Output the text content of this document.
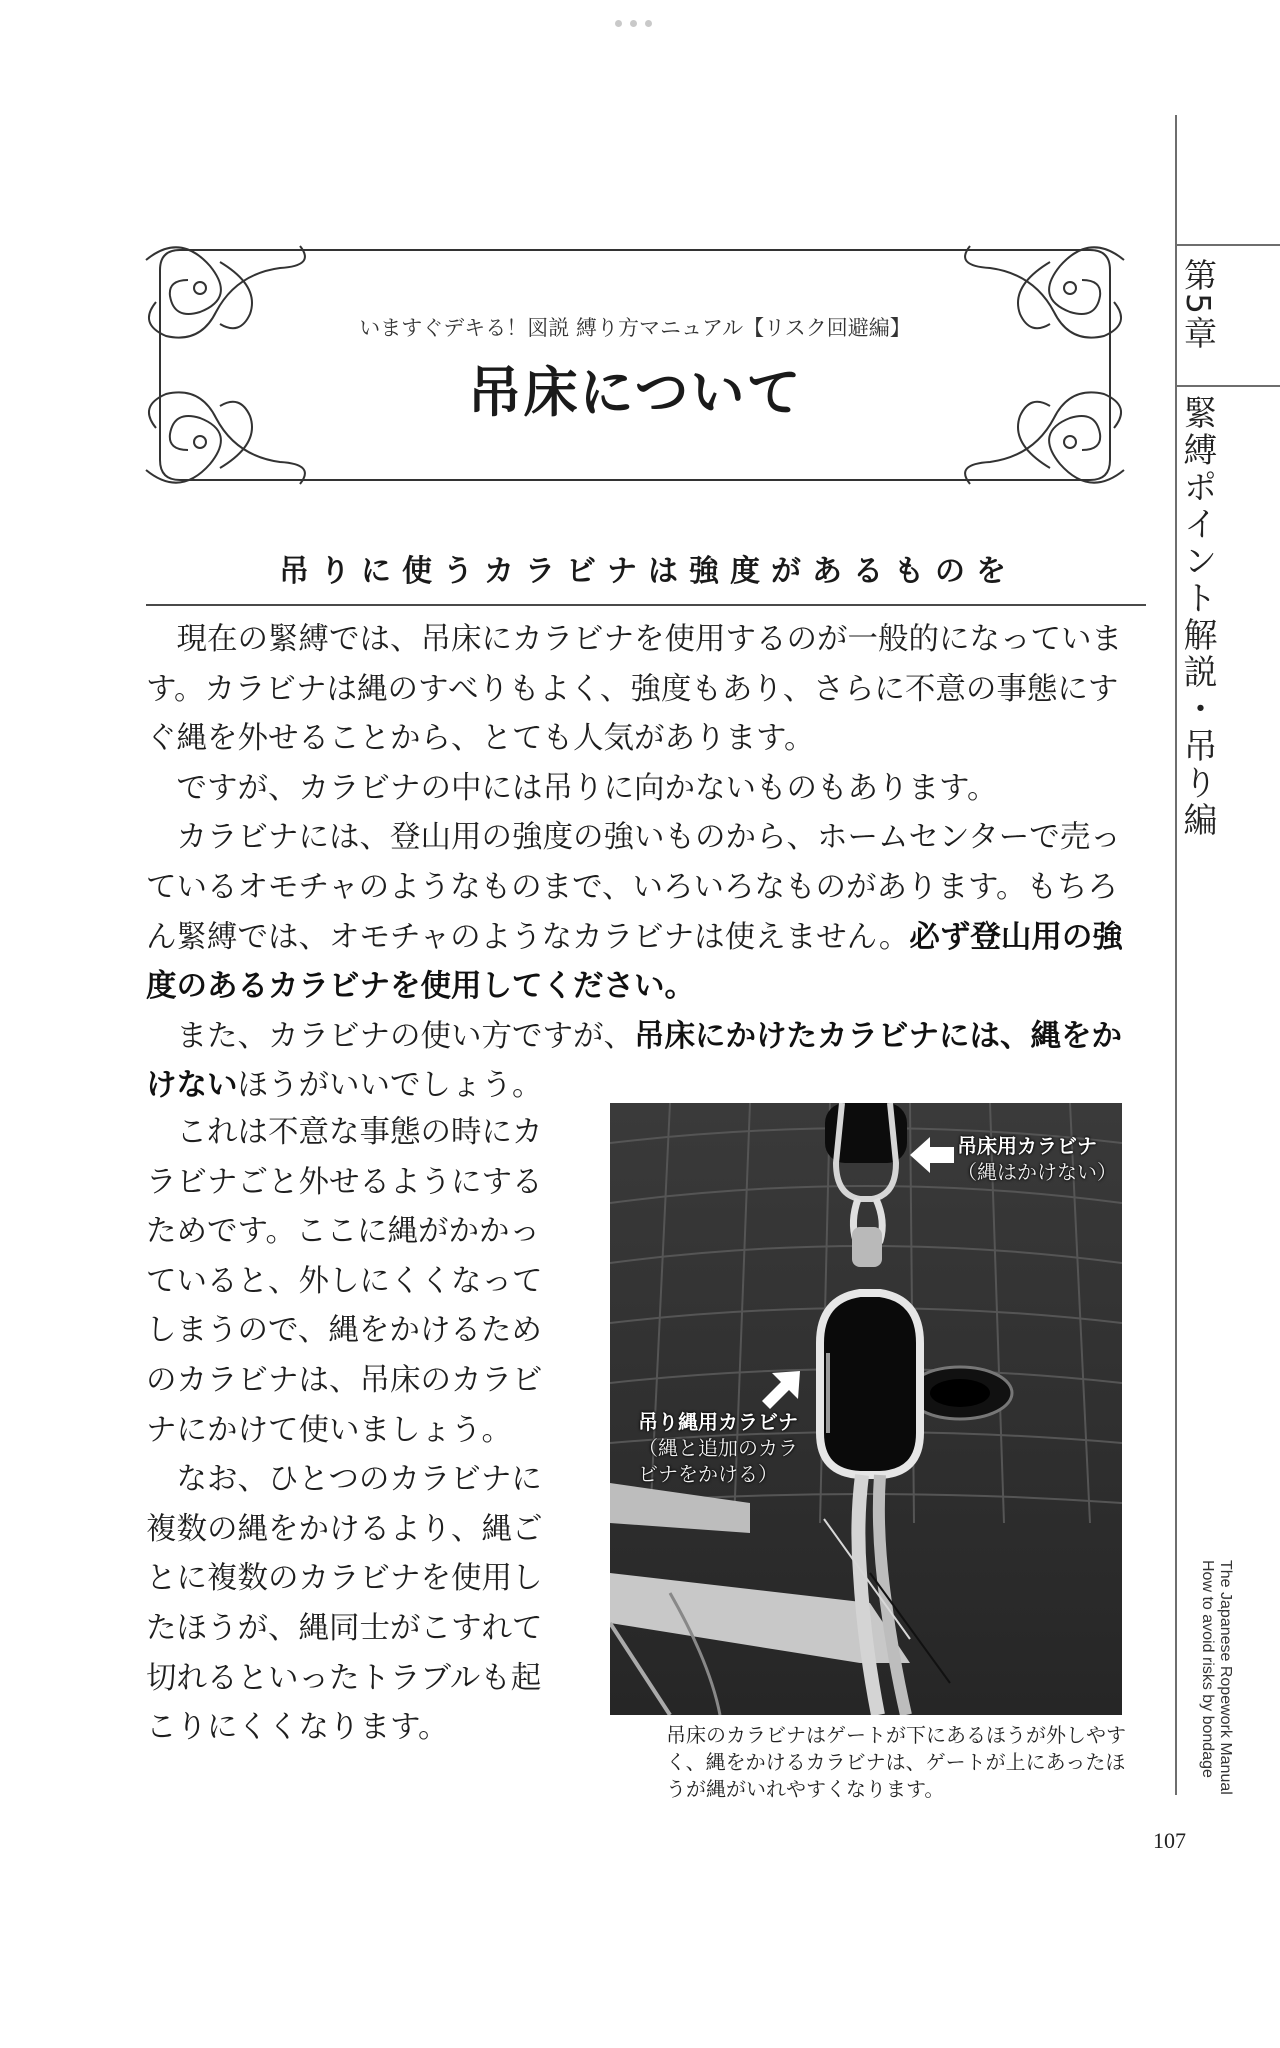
第5章
緊縛ポイント解説・吊り編
The Japanese Ropework Manual
How to avoid risks by bondage
107
いますぐデキる！図説 縛り方マニュアル【リスク回避編】
吊床について
吊りに使うカラビナは強度があるものを

現在の緊縛では、吊床にカラビナを使用するのが一般的になっています。カラビナは縄のすべりもよく、強度もあり、さらに不意の事態にすぐ縄を外せることから、とても人気があります。

ですが、カラビナの中には吊りに向かないものもあります。

カラビナには、登山用の強度の強いものから、ホームセンターで売っているオモチャのようなものまで、いろいろなものがあります。もちろん緊縛では、オモチャのようなカラビナは使えません。必ず登山用の強度のあるカラビナを使用してください。

また、カラビナの使い方ですが、吊床にかけたカラビナには、縄をかけないほうがいいでしょう。

これは不意な事態の時にカラビナごと外せるようにするためです。ここに縄がかかっていると、外しにくくなってしまうので、縄をかけるためのカラビナは、吊床のカラビナにかけて使いましょう。

なお、ひとつのカラビナに複数の縄をかけるより、縄ごとに複数のカラビナを使用したほうが、縄同士がこすれて切れるといったトラブルも起こりにくくなります。

吊床用カラビナ
（縄はかけない）
吊り縄用カラビナ
（縄と追加のカラ
ビナをかける）
吊床のカラビナはゲートが下にあるほうが外しやすく、縄をかけるカラビナは、ゲートが上にあったほうが縄がいれやすくなります。
